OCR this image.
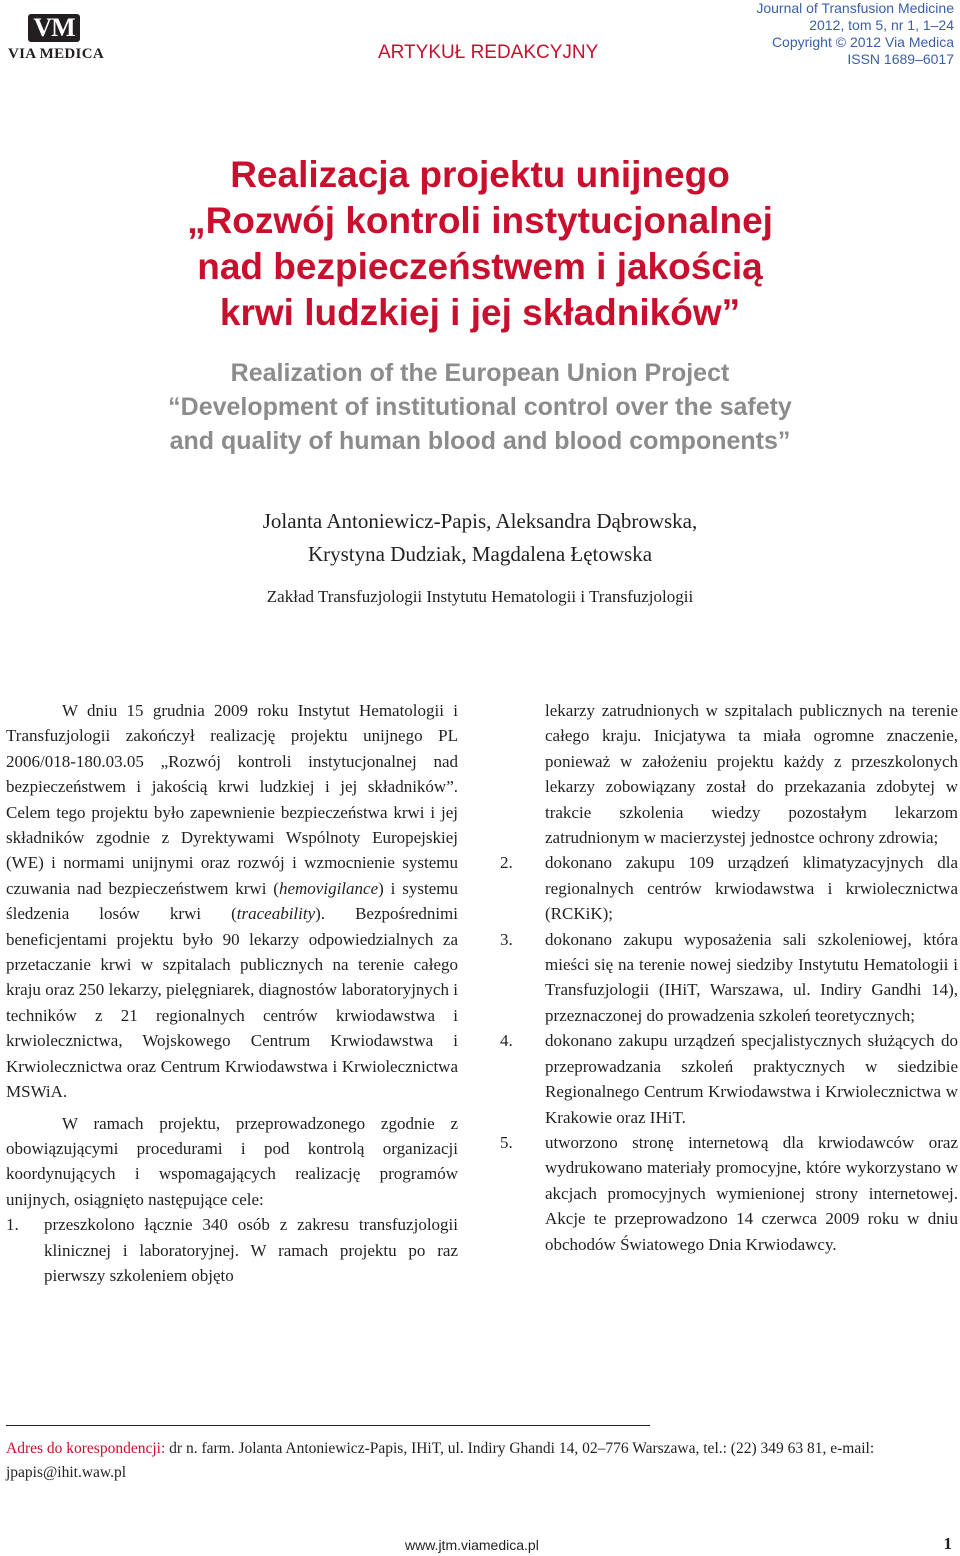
VM
VIA MEDICA	ARTYKUŁ REDAKCYJNY
Journal of Transfusion Medicine
2012, tom 5, nr 1, 1–24
Copyright © 2012 Via Medica
ISSN 1689–6017
Realizacja projektu unijnego
„Rozwój kontroli instytucjonalnej
nad bezpieczeństwem i jakością
krwi ludzkiej i jej składników”
Realization of the European Union Project
“Development of institutional control over the safety
and quality of human blood and blood components”
Jolanta Antoniewicz-Papis, Aleksandra Dąbrowska,
Krystyna Dudziak, Magdalena Łętowska
Zakład Transfuzjologii Instytutu Hematologii i Transfuzjologii

W dniu 15 grudnia 2009 roku Instytut Hematologii i Transfuzjologii zakończył realizację projektu unijnego PL 2006/018-180.03.05 „Rozwój kontroli instytucjonalnej nad bezpieczeństwem i jakością krwi ludzkiej i jej składników”. Celem tego projektu było zapewnienie bezpieczeństwa krwi i jej składników zgodnie z Dyrektywami Wspólnoty Europejskiej (WE) i normami unijnymi oraz rozwój i wzmocnienie systemu czuwania nad bezpieczeństwem krwi (hemovigilance) i systemu śledzenia losów krwi (traceability). Bezpośrednimi beneficjentami projektu było 90 lekarzy odpowiedzialnych za przetaczanie krwi w szpitalach publicznych na terenie całego kraju oraz 250 lekarzy, pielęgniarek, diagnostów laboratoryjnych i techników z 21 regionalnych centrów krwiodawstwa i krwiolecznictwa, Wojskowego Centrum Krwiodawstwa i Krwiolecznictwa oraz Centrum Krwiodawstwa i Krwiolecznictwa MSWiA.

W ramach projektu, przeprowadzonego zgodnie z obowiązującymi procedurami i pod kontrolą organizacji koordynujących i wspomagających realizację programów unijnych, osiągnięto następujące cele:

1.	przeszkolono łącznie 340 osób z zakresu transfuzjologii klinicznej i laboratoryjnej. W ramach projektu po raz pierwszy szkoleniem objęto
lekarzy zatrudnionych w szpitalach publicznych na terenie całego kraju. Inicjatywa ta miała ogromne znaczenie, ponieważ w założeniu projektu każdy z przeszkolonych lekarzy zobowiązany został do przekazania zdobytej w trakcie szkolenia wiedzy pozostałym lekarzom zatrudnionym w macierzystej jednostce ochrony zdrowia;
2.	dokonano zakupu 109 urządzeń klimatyzacyjnych dla regionalnych centrów krwiodawstwa i krwiolecznictwa (RCKiK);
3.	dokonano zakupu wyposażenia sali szkoleniowej, która mieści się na terenie nowej siedziby Instytutu Hematologii i Transfuzjologii (IHiT, Warszawa, ul. Indiry Gandhi 14), przeznaczonej do prowadzenia szkoleń teoretycznych;
4.	dokonano zakupu urządzeń specjalistycznych służących do przeprowadzania szkoleń praktycznych w siedzibie Regionalnego Centrum Krwiodawstwa i Krwiolecznictwa w Krakowie oraz IHiT.
5.	utworzono stronę internetową dla krwiodawców oraz wydrukowano materiały promocyjne, które wykorzystano w akcjach promocyjnych wymienionej strony internetowej. Akcje te przeprowadzono 14 czerwca 2009 roku w dniu obchodów Światowego Dnia Krwiodawcy.
Adres do korespondencji: dr n. farm. Jolanta Antoniewicz-Papis, IHiT, ul. Indiry Ghandi 14, 02–776 Warszawa, tel.: (22) 349 63 81, e-mail: jpapis@ihit.waw.pl
www.jtm.viamedica.pl	1
